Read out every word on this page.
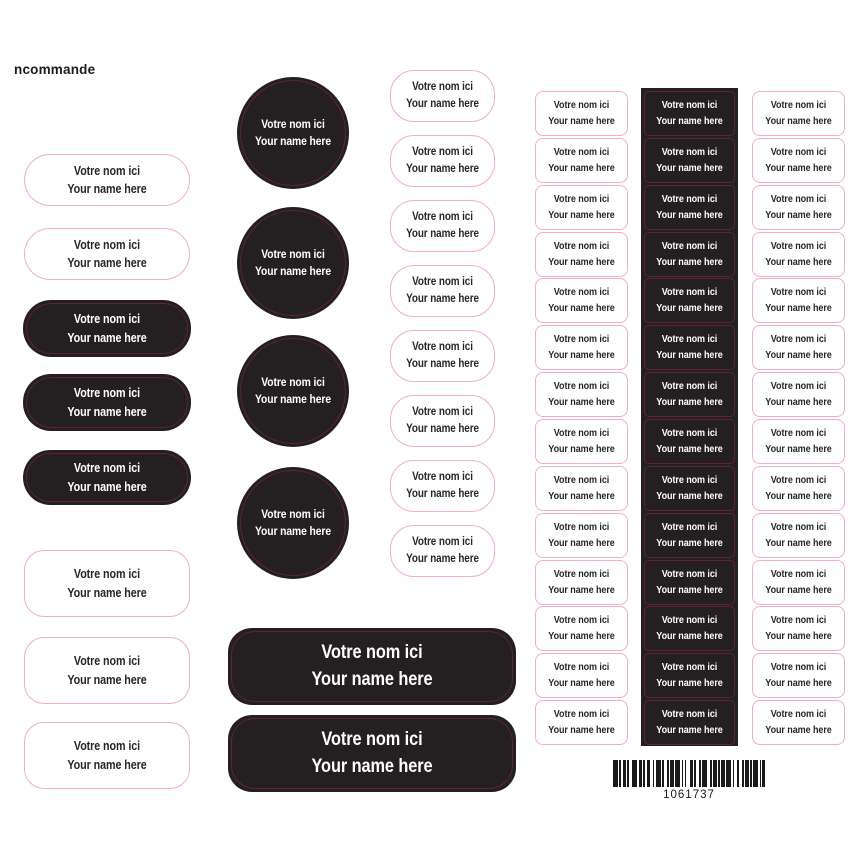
ncommande
Votre nom ici
Your name here
Votre nom ici
Your name here
Votre nom ici
Your name here
Votre nom ici
Your name here
Votre nom ici
Your name here
Votre nom ici
Your name here
Votre nom ici
Your name here
Votre nom ici
Your name here
Votre nom ici
Your name here
Votre nom ici
Your name here
Votre nom ici
Your name here
Votre nom ici
Your name here
Votre nom ici
Your name here
Votre nom ici
Your name here
Votre nom ici
Your name here
Votre nom ici
Your name here
Votre nom ici
Your name here
Votre nom ici
Your name here
Votre nom ici
Your name here
Votre nom ici
Your name here
Votre nom ici
Your name here
Votre nom ici
Your name here
Votre nom ici
Your name here
Votre nom ici
Your name here
Votre nom ici
Your name here
Votre nom ici
Your name here
Votre nom ici
Your name here
Votre nom ici
Your name here
Votre nom ici
Your name here
Votre nom ici
Your name here
Votre nom ici
Your name here
Votre nom ici
Your name here
Votre nom ici
Your name here
Votre nom ici
Your name here
Votre nom ici
Your name here
Votre nom ici
Your name here
Votre nom ici
Your name here
Votre nom ici
Your name here
Votre nom ici
Your name here
Votre nom ici
Your name here
Votre nom ici
Your name here
Votre nom ici
Your name here
Votre nom ici
Your name here
Votre nom ici
Your name here
Votre nom ici
Your name here
Votre nom ici
Your name here
Votre nom ici
Your name here
Votre nom ici
Your name here
Votre nom ici
Your name here
Votre nom ici
Your name here
Votre nom ici
Your name here
Votre nom ici
Your name here
Votre nom ici
Your name here
Votre nom ici
Your name here
Votre nom ici
Your name here
Votre nom ici
Your name here
Votre nom ici
Your name here
Votre nom ici
Your name here
Votre nom ici
Your name here
Votre nom ici
Your name here
Votre nom ici
Your name here
Votre nom ici
Your name here
Votre nom ici
Your name here
Votre nom ici
Your name here
1061737
